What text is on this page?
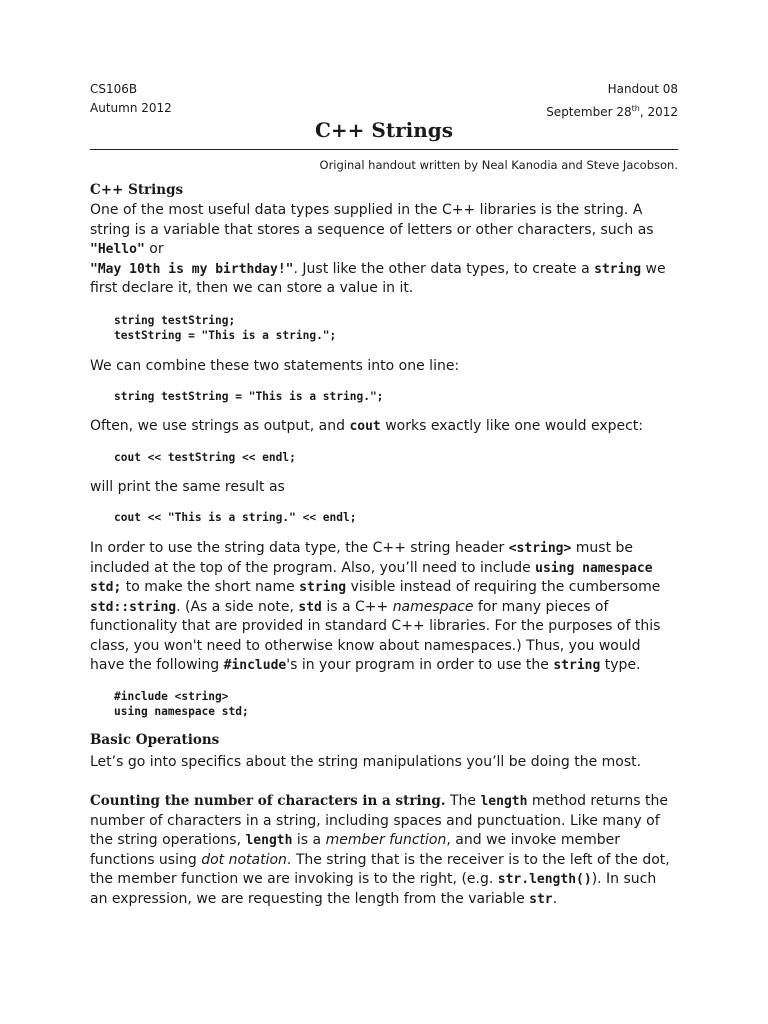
CS106B	Handout 08
Autumn 2012	September 28th, 2012
C++ Strings
Original handout written by Neal Kanodia and Steve Jacobson.
C++ Strings

One of the most useful data types supplied in the C++ libraries is the string. A string is a variable that stores a sequence of letters or other characters, such as "Hello" or
"May 10th is my birthday!". Just like the other data types, to create a string we first declare it, then we can store a value in it.

string testString;
testString = "This is a string.";

We can combine these two statements into one line:

string testString = "This is a string.";

Often, we use strings as output, and cout works exactly like one would expect:

cout << testString << endl;

will print the same result as

cout << "This is a string." << endl;

In order to use the string data type, the C++ string header <string> must be included at the top of the program. Also, you’ll need to include using namespace std; to make the short name string visible instead of requiring the cumbersome std::string. (As a side note, std is a C++ namespace for many pieces of functionality that are provided in standard C++ libraries. For the purposes of this class, you won't need to otherwise know about namespaces.) Thus, you would have the following #include's in your program in order to use the string type.

#include <string>
using namespace std;
Basic Operations

Let’s go into specifics about the string manipulations you’ll be doing the most.

Counting the number of characters in a string. The length method returns the number of characters in a string, including spaces and punctuation. Like many of the string operations, length is a member function, and we invoke member functions using dot notation. The string that is the receiver is to the left of the dot, the member function we are invoking is to the right, (e.g. str.length()). In such an expression, we are requesting the length from the variable str.
